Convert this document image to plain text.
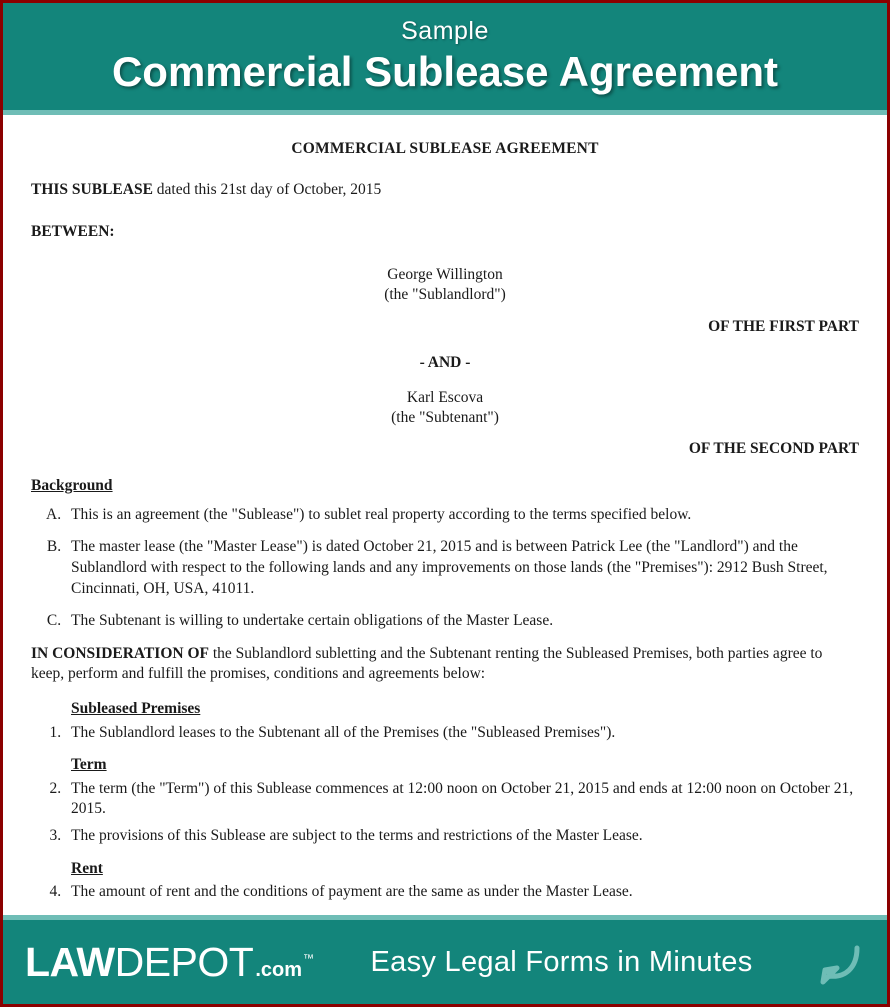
Sample
Commercial Sublease Agreement
COMMERCIAL SUBLEASE AGREEMENT
THIS SUBLEASE dated this 21st day of October, 2015
BETWEEN:
George Willington
(the "Sublandlord")
OF THE FIRST PART
- AND -
Karl Escova
(the "Subtenant")
OF THE SECOND PART
Background
A. This is an agreement (the "Sublease") to sublet real property according to the terms specified below.
B. The master lease (the "Master Lease") is dated October 21, 2015 and is between Patrick Lee (the "Landlord") and the Sublandlord with respect to the following lands and any improvements on those lands (the "Premises"): 2912 Bush Street, Cincinnati, OH, USA, 41011.
C. The Subtenant is willing to undertake certain obligations of the Master Lease.
IN CONSIDERATION OF the Sublandlord subletting and the Subtenant renting the Subleased Premises, both parties agree to keep, perform and fulfill the promises, conditions and agreements below:
Subleased Premises
1. The Sublandlord leases to the Subtenant all of the Premises (the "Subleased Premises").
Term
2. The term (the "Term") of this Sublease commences at 12:00 noon on October 21, 2015 and ends at 12:00 noon on October 21, 2015.
3. The provisions of this Sublease are subject to the terms and restrictions of the Master Lease.
Rent
4. The amount of rent and the conditions of payment are the same as under the Master Lease.
LAW DEPOT .com ™	Easy Legal Forms in Minutes
